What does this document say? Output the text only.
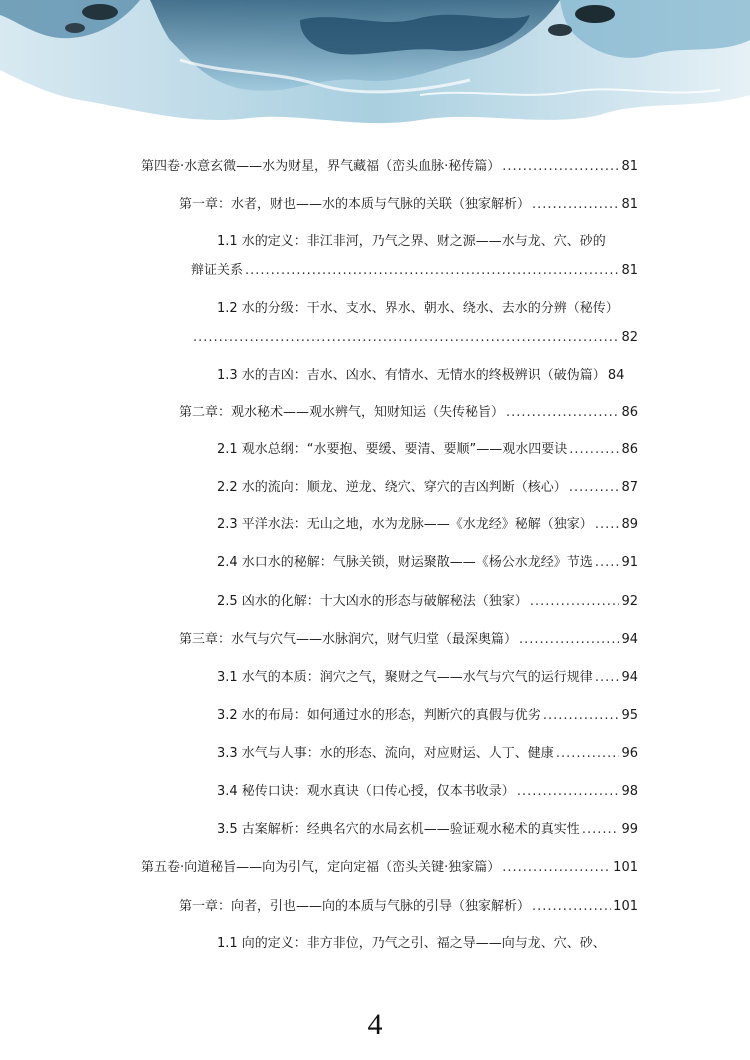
第四卷·水意玄微——水为财星，界气藏福（峦头血脉·秘传篇） .....	81
第一章：水者，财也——水的本质与气脉的关联（独家解析） .....	81
1.1 水的定义：非江非河，乃气之界、财之源——水与龙、穴、砂的
辩证关系 .....	81
1.2 水的分级：干水、支水、界水、朝水、绕水、去水的分辨（秘传）
.....
82
1.3 水的吉凶：吉水、凶水、有情水、无情水的终极辨识（破伪篇） 84
第二章：观水秘术——观水辨气，知财知运（失传秘旨） .....	86
2.1 观水总纲：“水要抱、要缓、要清、要顺”——观水四要诀 .....	86
2.2 水的流向：顺龙、逆龙、绕穴、穿穴的吉凶判断（核心） .....	87
2.3 平洋水法：无山之地，水为龙脉——《水龙经》秘解（独家） ..... 89
2.4 水口水的秘解：气脉关锁，财运聚散——《杨公水龙经》节选 ..... 91
2.5 凶水的化解：十大凶水的形态与破解秘法（独家） .....	92
第三章：水气与穴气——水脉润穴，财气归堂（最深奥篇） .....	94
3.1 水气的本质：润穴之气，聚财之气——水气与穴气的运行规律 ..... 94
3.2 水的布局：如何通过水的形态，判断穴的真假与优劣 .....	95
3.3 水气与人事：水的形态、流向，对应财运、人丁、健康 .....	96
3.4 秘传口诀：观水真诀（口传心授，仅本书收录） .....	98
3.5 古案解析：经典名穴的水局玄机——验证观水秘术的真实性 .....	99
第五卷·向道秘旨——向为引气，定向定福（峦头关键·独家篇） .....	101
第一章：向者，引也——向的本质与气脉的引导（独家解析） .....	101
1.1 向的定义：非方非位，乃气之引、福之导——向与龙、穴、砂、
4
